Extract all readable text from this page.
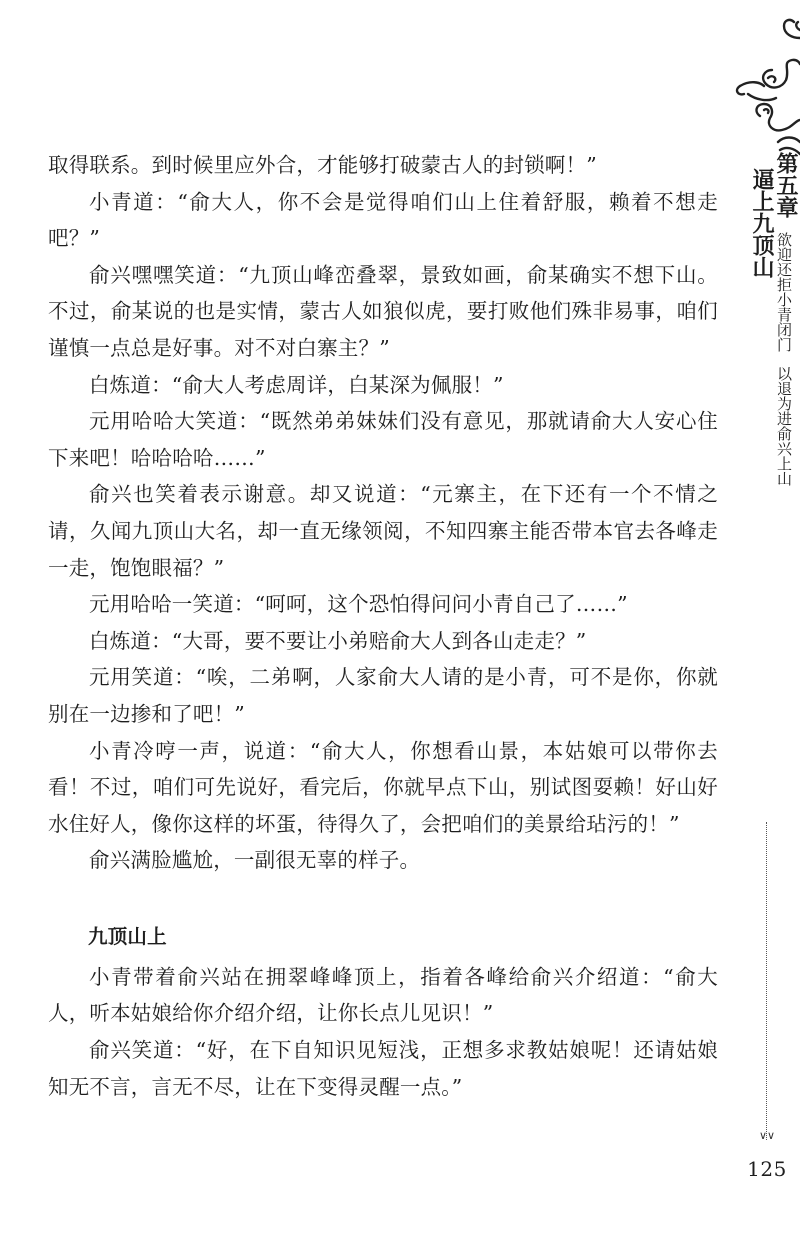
第五章
逼上九顶山
欲迎还拒小青闭门以退为进俞兴上山
∨∨
125

取得联系。到时候里应外合，才能够打破蒙古人的封锁啊！”

小青道：“俞大人，你不会是觉得咱们山上住着舒服，赖着不想走吧？”

俞兴嘿嘿笑道：“九顶山峰峦叠翠，景致如画，俞某确实不想下山。不过，俞某说的也是实情，蒙古人如狼似虎，要打败他们殊非易事，咱们谨慎一点总是好事。对不对白寨主？”

白炼道：“俞大人考虑周详，白某深为佩服！”

元用哈哈大笑道：“既然弟弟妹妹们没有意见，那就请俞大人安心住下来吧！哈哈哈哈……”

俞兴也笑着表示谢意。却又说道：“元寨主，在下还有一个不情之请，久闻九顶山大名，却一直无缘领阅，不知四寨主能否带本官去各峰走一走，饱饱眼福？”

元用哈哈一笑道：“呵呵，这个恐怕得问问小青自己了……”

白炼道：“大哥，要不要让小弟赔俞大人到各山走走？”

元用笑道：“唉，二弟啊，人家俞大人请的是小青，可不是你，你就别在一边掺和了吧！”

小青冷哼一声，说道：“俞大人，你想看山景，本姑娘可以带你去看！不过，咱们可先说好，看完后，你就早点下山，别试图耍赖！好山好水住好人，像你这样的坏蛋，待得久了，会把咱们的美景给玷污的！”

俞兴满脸尴尬，一副很无辜的样子。

九顶山上

小青带着俞兴站在拥翠峰峰顶上，指着各峰给俞兴介绍道：“俞大人，听本姑娘给你介绍介绍，让你长点儿见识！”

俞兴笑道：“好，在下自知识见短浅，正想多求教姑娘呢！还请姑娘知无不言，言无不尽，让在下变得灵醒一点。”
